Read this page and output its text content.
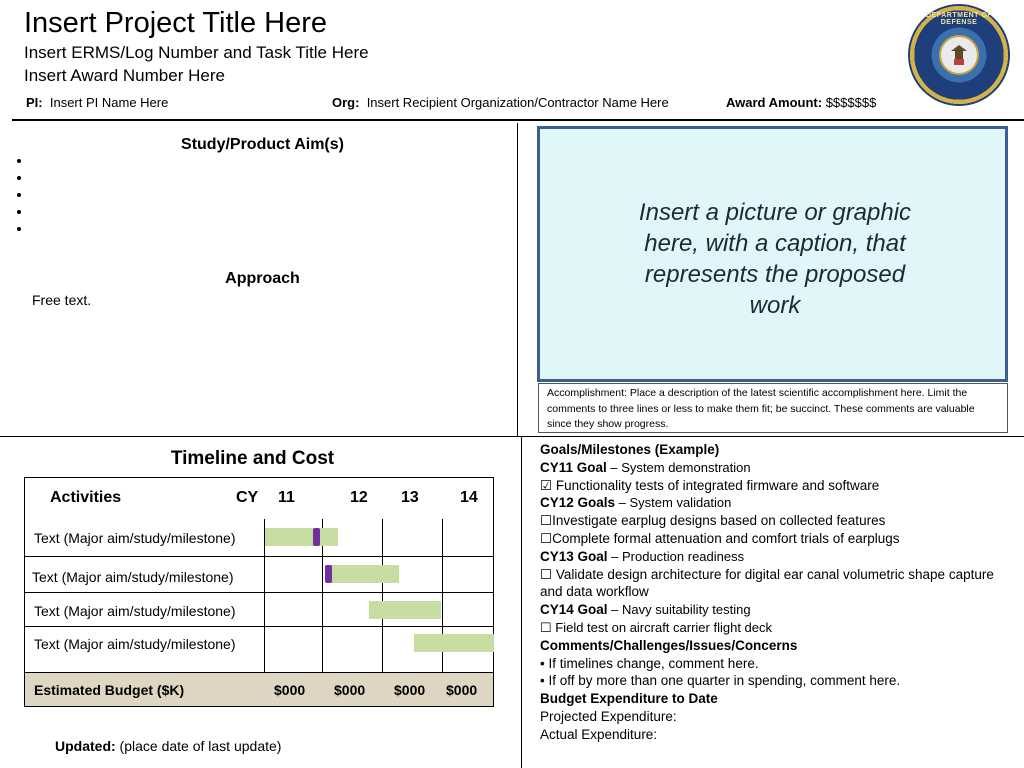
Insert Project Title Here
Insert ERMS/Log Number and Task Title Here
Insert Award Number Here
PI: Insert PI Name Here	Org: Insert Recipient Organization/Contractor Name Here	Award Amount: $$$$$$$
DEPARTMENT OF DEFENSE
Study/Product Aim(s)
Approach
Free text.
Insert a picture or graphic here, with a caption, that represents the proposed work
Accomplishment: Place a description of the latest scientific accomplishment here. Limit the comments to three lines or less to make them fit; be succinct. These comments are valuable since they show progress.
Timeline and Cost
Activities	CY 11	12 13	14
Text (Major aim/study/milestone)
Text (Major aim/study/milestone)
Text (Major aim/study/milestone)
Text (Major aim/study/milestone)
Estimated Budget ($K)	$000 $000 $000 $000
Goals/Milestones (Example)
CY11 Goal – System demonstration
☑ Functionality tests of integrated firmware and software
CY12 Goals – System validation
☐Investigate earplug designs based on collected features
☐Complete formal attenuation and comfort trials of earplugs
CY13 Goal – Production readiness
☐ Validate design architecture for digital ear canal volumetric shape capture and data workflow
CY14 Goal – Navy suitability testing
☐ Field test on aircraft carrier flight deck
Comments/Challenges/Issues/Concerns
• If timelines change, comment here.
• If off by more than one quarter in spending, comment here.
Budget Expenditure to Date
Projected Expenditure:
Actual Expenditure:
Updated: (place date of last update)
